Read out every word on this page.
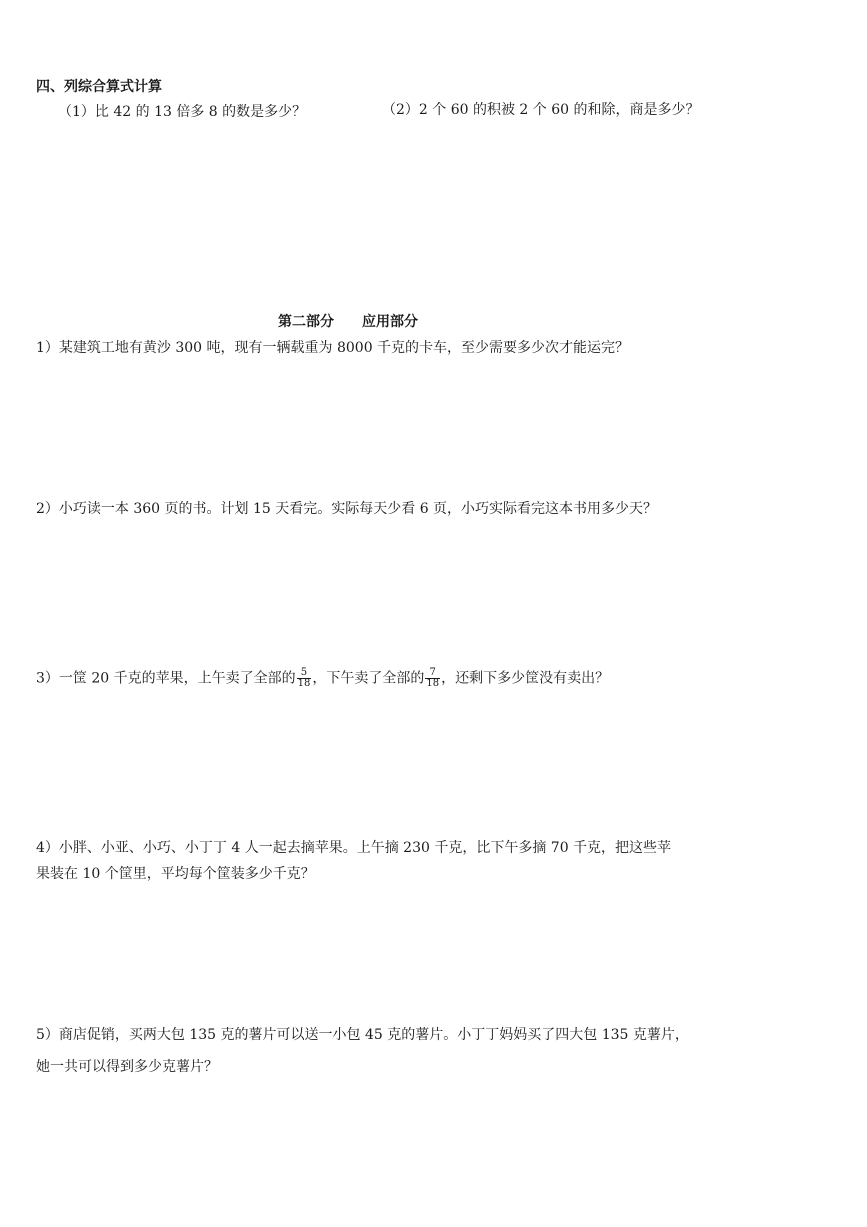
四、列综合算式计算
（1）比 42 的 13 倍多 8 的数是多少？	（2）2 个 60 的积被 2 个 60 的和除，商是多少？
第二部分　　应用部分
1）某建筑工地有黄沙 300 吨，现有一辆载重为 8000 千克的卡车，至少需要多少次才能运完？
2）小巧读一本 360 页的书。计划 15 天看完。实际每天少看 6 页，小巧实际看完这本书用多少天？
3）一筐 20 千克的苹果，上午卖了全部的 $\frac{5}{18}$ ，下午卖了全部的 $\frac{7}{18}$ ，还剩下多少筐没有卖出？
4）小胖、小亚、小巧、小丁丁 4 人一起去摘苹果。上午摘 230 千克，比下午多摘 70 千克，把这些苹
果装在 10 个筐里，平均每个筐装多少千克？
5）商店促销，买两大包 135 克的薯片可以送一小包 45 克的薯片。小丁丁妈妈买了四大包 135 克薯片，
她一共可以得到多少克薯片？
